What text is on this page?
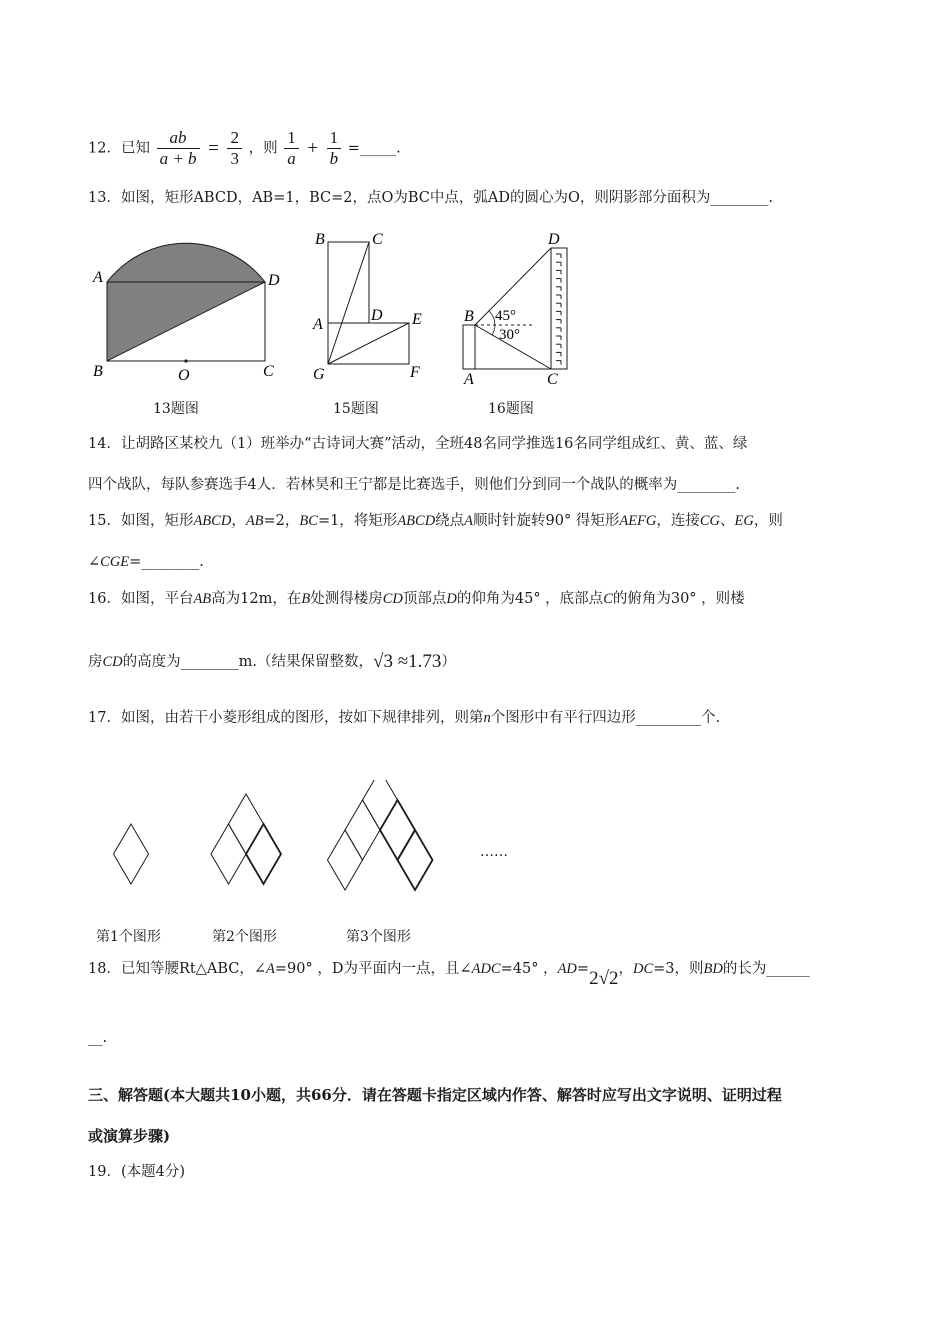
12．已知 $\frac{ab}{a + b} = \frac{2}{3}$ ，则 $\frac{1}{a} + \frac{1}{b}$ =_____.
13．如图，矩形ABCD，AB=1，BC=2，点O为BC中点，弧AD的圆心为O，则阴影部分面积为________.
A	D
B	O	C
13题图
B	C
A
D E
G	F
15题图
D
B
A	C
45°
30°
16题图
14．让胡路区某校九（1）班举办“古诗词大赛”活动，全班48名同学推选16名同学组成红、黄、蓝、绿
四个战队，每队参赛选手4人．若林昊和王宁都是比赛选手，则他们分到同一个战队的概率为________.
15．如图，矩形ABCD，AB=2，BC=1，将矩形ABCD绕点A顺时针旋转90° 得矩形AEFG，连接CG、EG，则
∠CGE=________.
16．如图，平台AB高为12m，在B处测得楼房CD顶部点D的仰角为45° ，底部点C的俯角为30° ，则楼
房CD的高度为________m.（结果保留整数，√3 ≈1.73）
17．如图，由若干小菱形组成的图形，按如下规律排列，则第n个图形中有平行四边形_________个.
……
第1个图形	第2个图形	第3个图形
18．已知等腰Rt△ABC，∠A=90° ，D为平面内一点，且∠ADC=45° ，AD=2√2，DC=3，则BD的长为______
__.
三、解答题(本大题共10小题，共66分．请在答题卡指定区域内作答、解答时应写出文字说明、证明过程
或演算步骤)
19．(本题4分)
